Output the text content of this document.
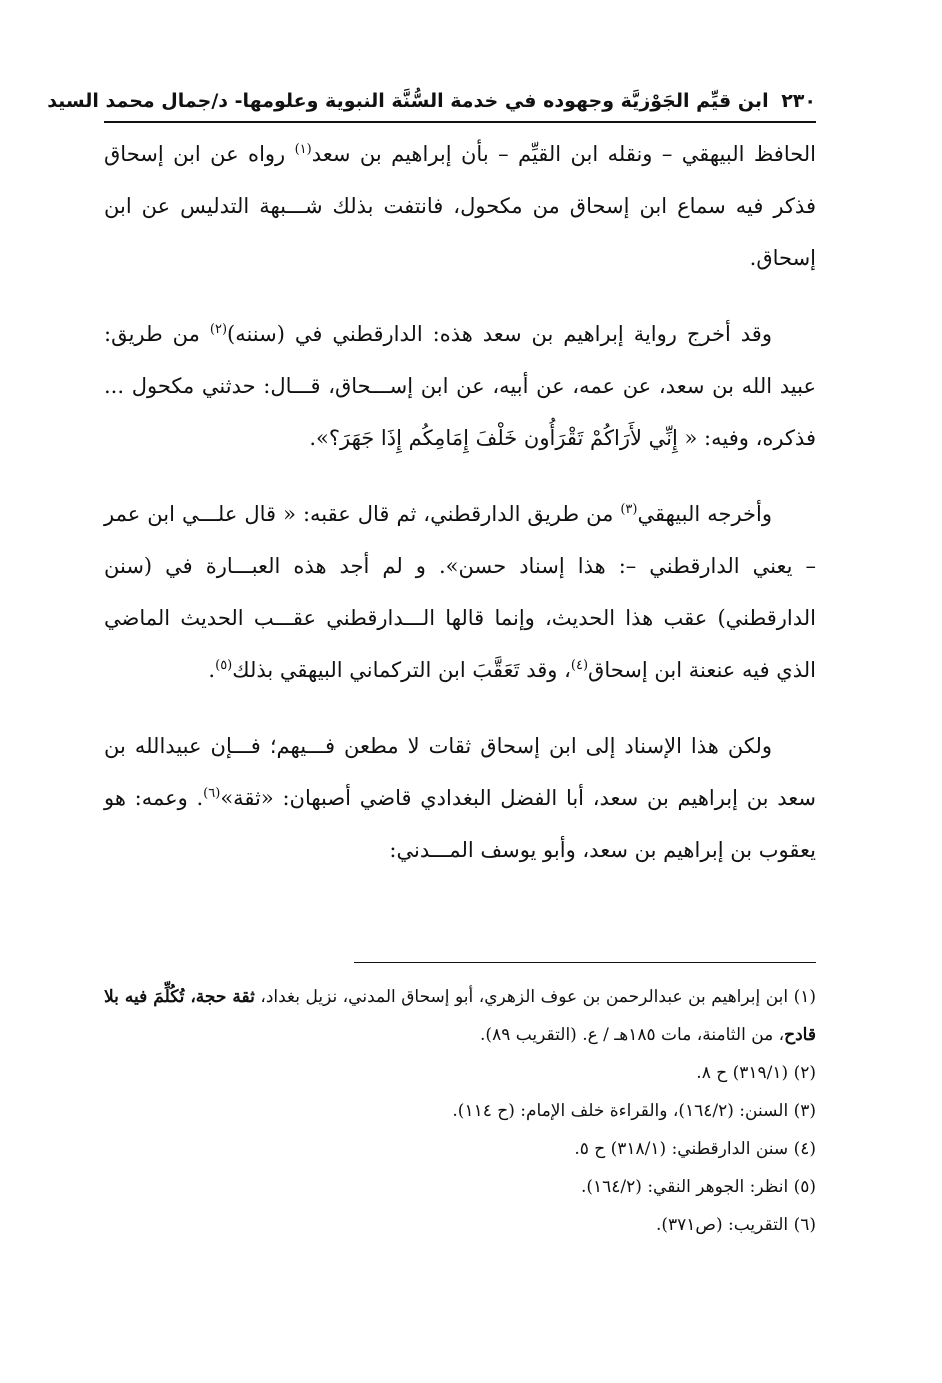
٢٣٠ ابن قيِّم الجَوْزيَّة وجهوده في خدمة السُّنَّة النبوية وعلومها- د/جمال محمد السيد

الحافظ البيهقي – ونقله ابن القيِّم – بأن إبراهيم بن سعد$^{(١)}$ رواه عن ابن إسحاق فذكر فيه سماع ابن إسحاق من مكحول، فانتفت بذلك شـــبهة التدليس عن ابن إسحاق.

وقد أخرج رواية إبراهيم بن سعد هذه: الدارقطني في (سننه)$^{(٢)}$ من طريق: عبيد الله بن سعد، عن عمه، عن أبيه، عن ابن إســـحاق، قـــال: حدثني مكحول ... فذكره، وفيه: « إِنِّي لأَرَاكُمْ تَقْرَأُون خَلْفَ إِمَامِكُم إِذَا جَهَرَ؟».

وأخرجه البيهقي$^{(٣)}$ من طريق الدارقطني، ثم قال عقبه: « قال علـــي ابن عمر – يعني الدارقطني –: هذا إسناد حسن». و لم أجد هذه العبـــارة في (سنن الدارقطني) عقب هذا الحديث، وإنما قالها الـــدارقطني عقـــب الحديث الماضي الذي فيه عنعنة ابن إسحاق$^{(٤)}$، وقد تَعَقَّبَ ابن التركماني البيهقي بذلك$^{(٥)}$.

ولكن هذا الإسناد إلى ابن إسحاق ثقات لا مطعن فـــيهم؛ فـــإن عبيدالله بن سعد بن إبراهيم بن سعد، أبا الفضل البغدادي قاضي أصبهان: «ثقة»$^{(٦)}$. وعمه: هو يعقوب بن إبراهيم بن سعد، وأبو يوسف المـــدني:

(١) ابن إبراهيم بن عبدالرحمن بن عوف الزهري، أبو إسحاق المدني، نزيل بغداد، ثقة حجة، تُكُلِّمَ فيه بلا قادح، من الثامنة، مات ١٨٥هـ / ع. (التقريب ٨٩).

(٢) (٣١٩/١) ح ٨.

(٣) السنن: (١٦٤/٢)، والقراءة خلف الإمام: (ح ١١٤).

(٤) سنن الدارقطني: (٣١٨/١) ح ٥.

(٥) انظر: الجوهر النقي: (١٦٤/٢).

(٦) التقريب: (ص٣٧١).
